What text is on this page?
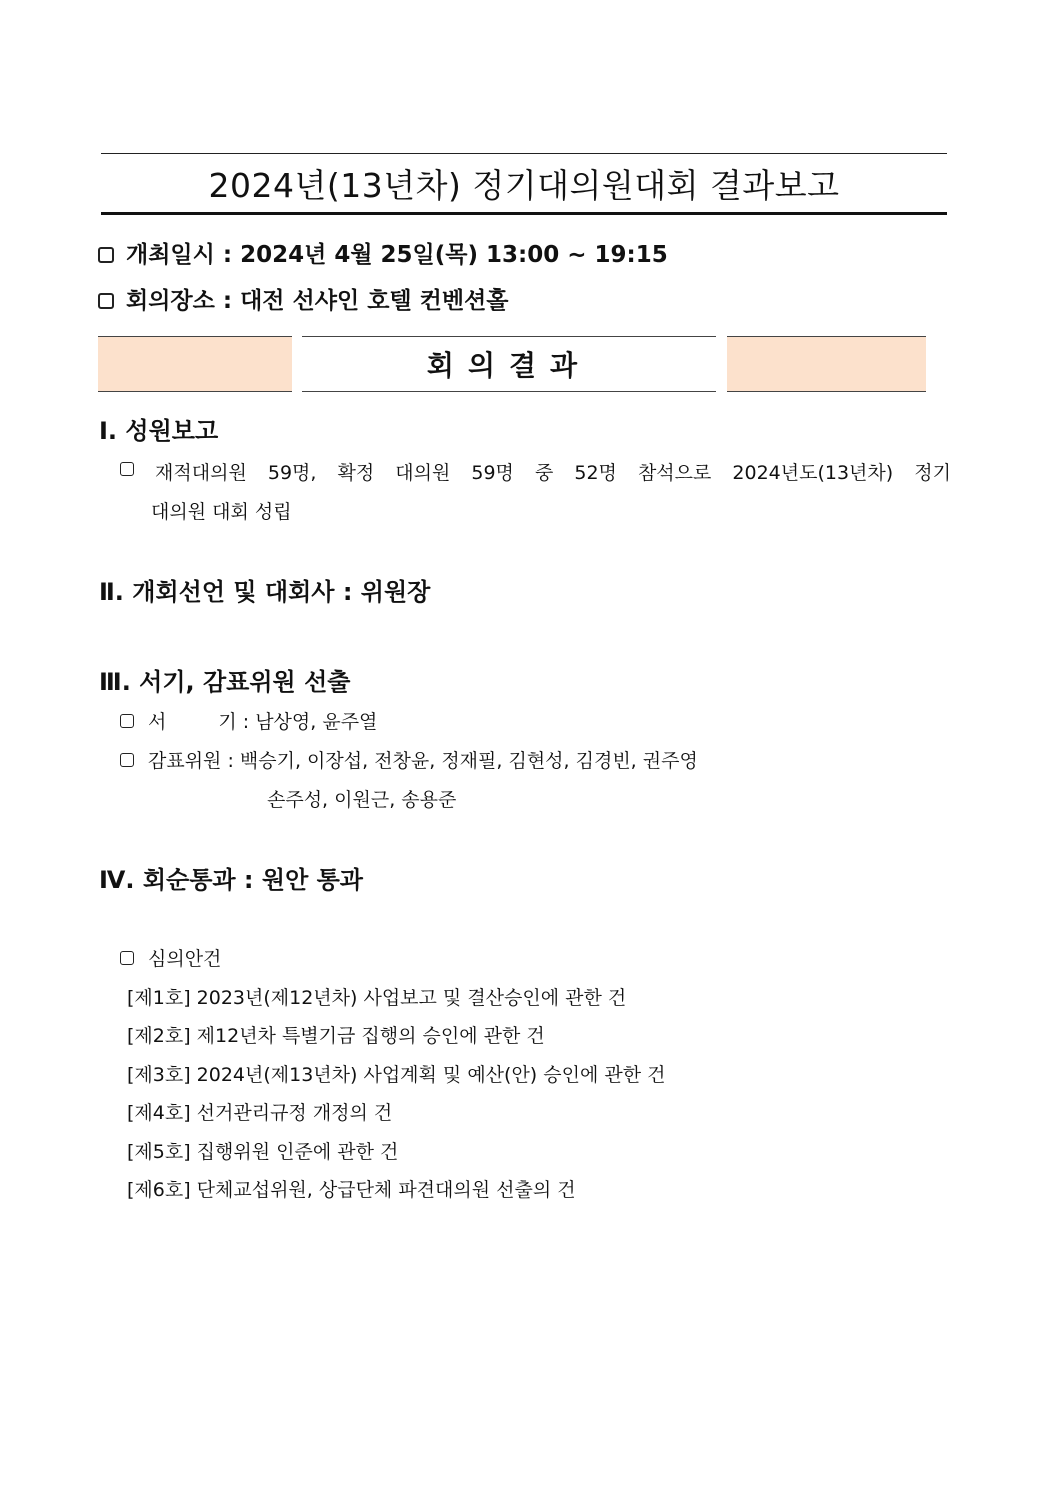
2024년(13년차) 정기대의원대회 결과보고
개최일시 : 2024년 4월 25일(목) 13:00 ~ 19:15
회의장소 : 대전 선샤인 호텔 컨벤션홀
회의결과
Ⅰ. 성원보고
재적대의원 59명, 확정 대의원 59명 중 52명 참석으로 2024년도(13년차) 정기
대의원 대회 성립
Ⅱ. 개회선언 및 대회사 : 위원장
Ⅲ. 서기, 감표위원 선출
서	기 : 남상영, 윤주열
감표위원 : 백승기, 이장섭, 전창윤, 정재필, 김현성, 김경빈, 권주영
손주성, 이원근, 송용준
Ⅳ. 회순통과 : 원안 통과
심의안건
[제1호] 2023년(제12년차) 사업보고 및 결산승인에 관한 건
[제2호] 제12년차 특별기금 집행의 승인에 관한 건
[제3호] 2024년(제13년차) 사업계획 및 예산(안) 승인에 관한 건
[제4호] 선거관리규정 개정의 건
[제5호] 집행위원 인준에 관한 건
[제6호] 단체교섭위원, 상급단체 파견대의원 선출의 건
